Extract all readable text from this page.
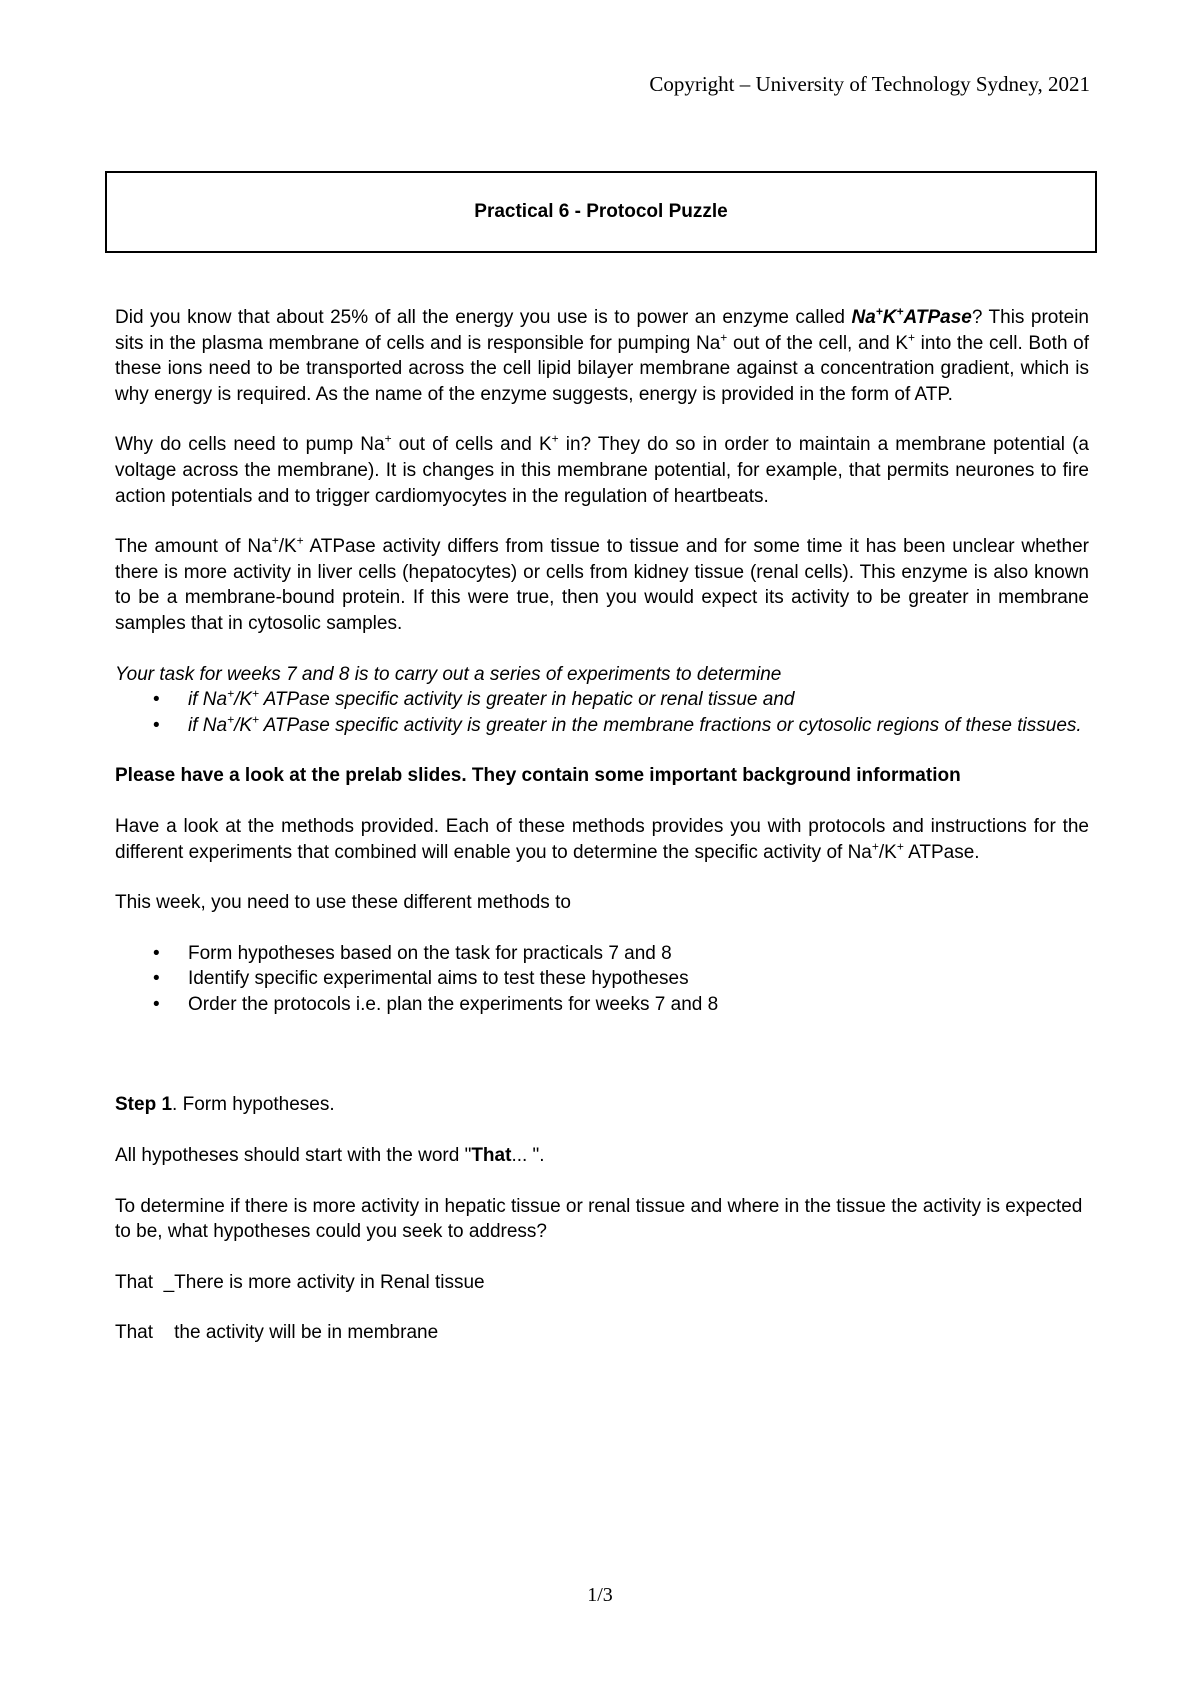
Copyright – University of Technology Sydney, 2021
Practical 6 - Protocol Puzzle

Did you know that about 25% of all the energy you use is to power an enzyme called Na+K+ATPase? This protein sits in the plasma membrane of cells and is responsible for pumping Na+ out of the cell, and K+ into the cell. Both of these ions need to be transported across the cell lipid bilayer membrane against a concentration gradient, which is why energy is required. As the name of the enzyme suggests, energy is provided in the form of ATP.

Why do cells need to pump Na+ out of cells and K+ in? They do so in order to maintain a membrane potential (a voltage across the membrane). It is changes in this membrane potential, for example, that permits neurones to fire action potentials and to trigger cardiomyocytes in the regulation of heartbeats.

The amount of Na+/K+ ATPase activity differs from tissue to tissue and for some time it has been unclear whether there is more activity in liver cells (hepatocytes) or cells from kidney tissue (renal cells). This enzyme is also known to be a membrane-bound protein. If this were true, then you would expect its activity to be greater in membrane samples that in cytosolic samples.

Your task for weeks 7 and 8 is to carry out a series of experiments to determine

• if Na+/K+ ATPase specific activity is greater in hepatic or renal tissue and
• if Na+/K+ ATPase specific activity is greater in the membrane fractions or cytosolic regions of these tissues.

Please have a look at the prelab slides. They contain some important background information

Have a look at the methods provided. Each of these methods provides you with protocols and instructions for the different experiments that combined will enable you to determine the specific activity of Na+/K+ ATPase.

This week, you need to use these different methods to

• Form hypotheses based on the task for practicals 7 and 8
• Identify specific experimental aims to test these hypotheses
• Order the protocols i.e. plan the experiments for weeks 7 and 8

Step 1. Form hypotheses.

All hypotheses should start with the word "That... ".

To determine if there is more activity in hepatic tissue or renal tissue and where in the tissue the activity is expected to be, what hypotheses could you seek to address?

That _There is more activity in Renal tissue

That the activity will be in membrane

1/3
